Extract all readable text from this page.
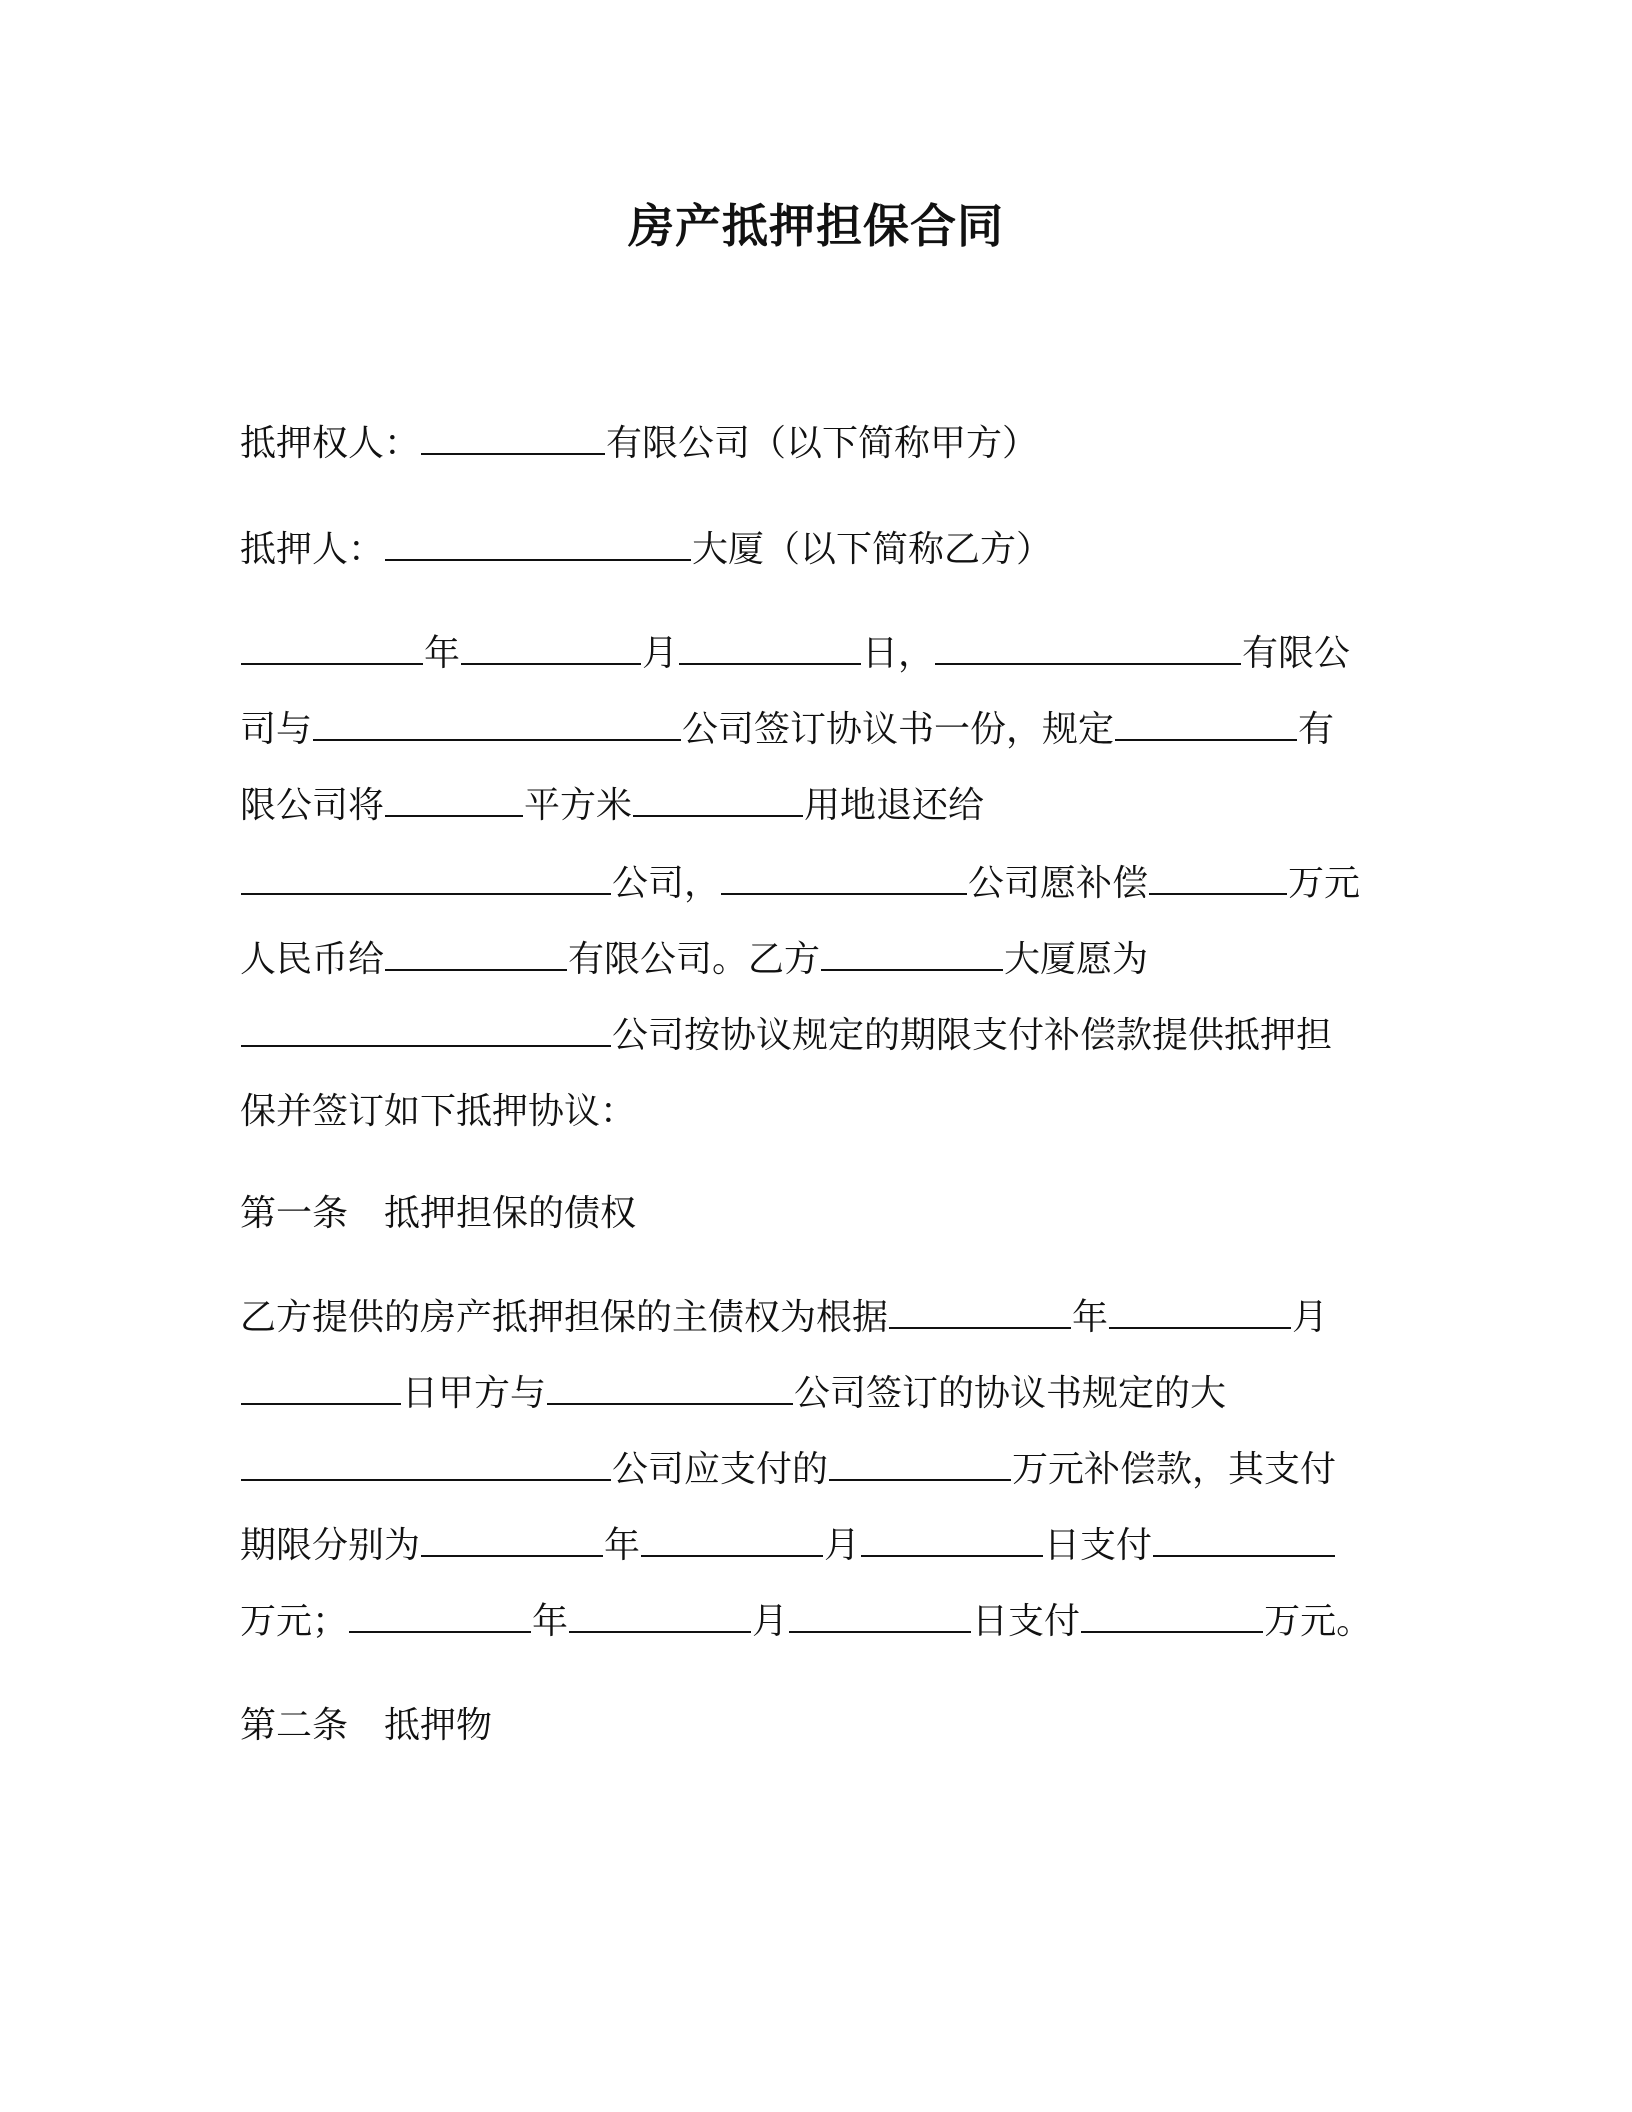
房产抵押担保合同
抵押权人：	有限公司（以下简称甲方）
抵押人：	大厦（以下简称乙方）
年	月	日，	有限公
司与	公司签订协议书一份，规定	有
限公司将	平方米	用地退还给
公司，	公司愿补偿	万元
人民币给	有限公司。乙方	大厦愿为
公司按协议规定的期限支付补偿款提供抵押担
保并签订如下抵押协议：
第一条　抵押担保的债权
乙方提供的房产抵押担保的主债权为根据	年	月
日甲方与	公司签订的协议书规定的大
公司应支付的	万元补偿款，其支付
期限分别为	年	月	日支付
万元；	年	月	日支付	万元。
第二条　抵押物
